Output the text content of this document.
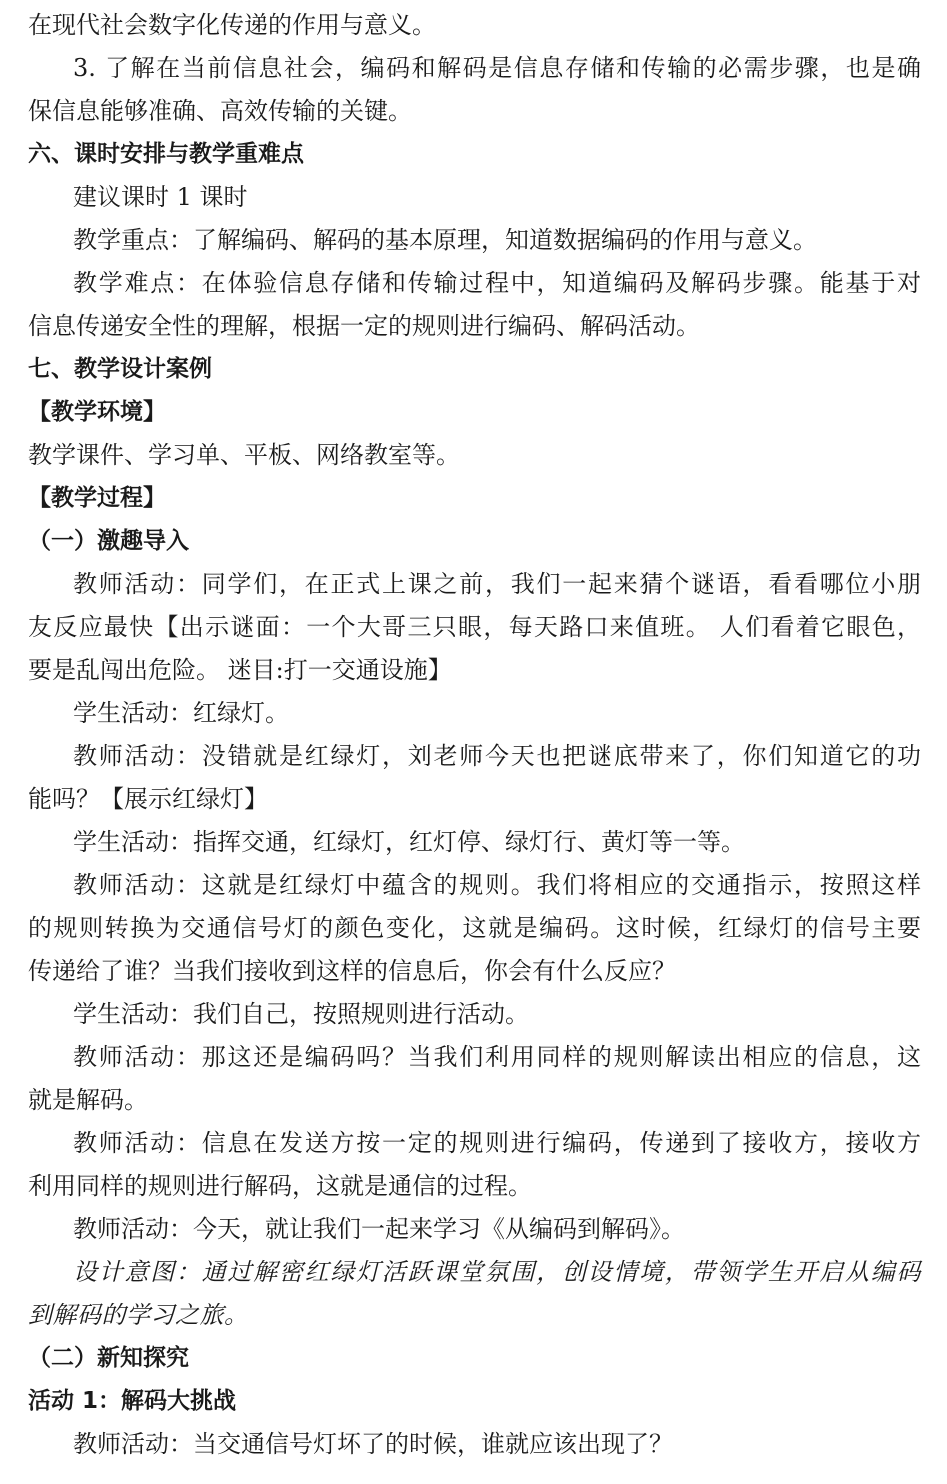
在现代社会数字化传递的作用与意义。
3. 了解在当前信息社会，编码和解码是信息存储和传输的必需步骤，也是确
保信息能够准确、高效传输的关键。
六、课时安排与教学重难点
建议课时 1 课时
教学重点：了解编码、解码的基本原理，知道数据编码的作用与意义。
教学难点：在体验信息存储和传输过程中，知道编码及解码步骤。能基于对
信息传递安全性的理解，根据一定的规则进行编码、解码活动。
七、教学设计案例
【教学环境】
教学课件、学习单、平板、网络教室等。
【教学过程】
（一）激趣导入
教师活动：同学们，在正式上课之前，我们一起来猜个谜语，看看哪位小朋
友反应最快【出示谜面：一个大哥三只眼，每天路口来值班。 人们看着它眼色，
要是乱闯出危险。 迷目:打一交通设施】
学生活动：红绿灯。
教师活动：没错就是红绿灯，刘老师今天也把谜底带来了，你们知道它的功
能吗？【展示红绿灯】
学生活动：指挥交通，红绿灯，红灯停、绿灯行、黄灯等一等。
教师活动：这就是红绿灯中蕴含的规则。我们将相应的交通指示，按照这样
的规则转换为交通信号灯的颜色变化，这就是编码。这时候，红绿灯的信号主要
传递给了谁？当我们接收到这样的信息后，你会有什么反应？
学生活动：我们自己，按照规则进行活动。
教师活动：那这还是编码吗？当我们利用同样的规则解读出相应的信息，这
就是解码。
教师活动：信息在发送方按一定的规则进行编码，传递到了接收方，接收方
利用同样的规则进行解码，这就是通信的过程。
教师活动：今天，就让我们一起来学习《从编码到解码》。
设计意图：通过解密红绿灯活跃课堂氛围，创设情境，带领学生开启从编码
到解码的学习之旅。
（二）新知探究
活动 1：解码大挑战
教师活动：当交通信号灯坏了的时候，谁就应该出现了？
